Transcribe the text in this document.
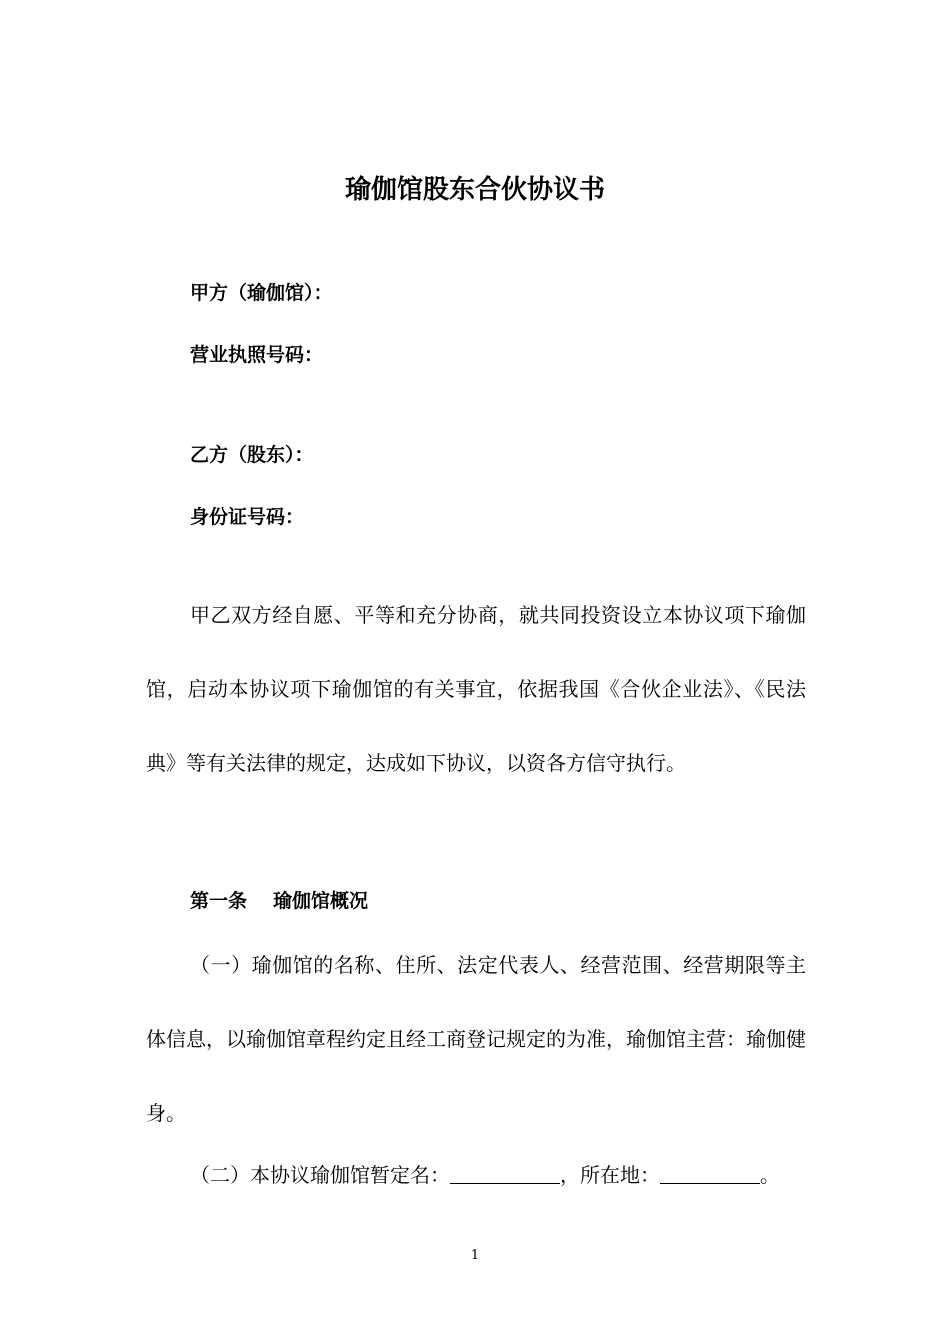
瑜伽馆股东合伙协议书

甲方（瑜伽馆）：

营业执照号码：

乙方（股东）：

身份证号码：

甲乙双方经自愿、平等和充分协商，就共同投资设立本协议项下瑜伽馆，启动本协议项下瑜伽馆的有关事宜，依据我国《合伙企业法》、《民法典》等有关法律的规定，达成如下协议，以资各方信守执行。

第一条 瑜伽馆概况

（一）瑜伽馆的名称、住所、法定代表人、经营范围、经营期限等主体信息，以瑜伽馆章程约定且经工商登记规定的为准，瑜伽馆主营：瑜伽健身。

（二）本协议瑜伽馆暂定名：	，所在地：	。

1
